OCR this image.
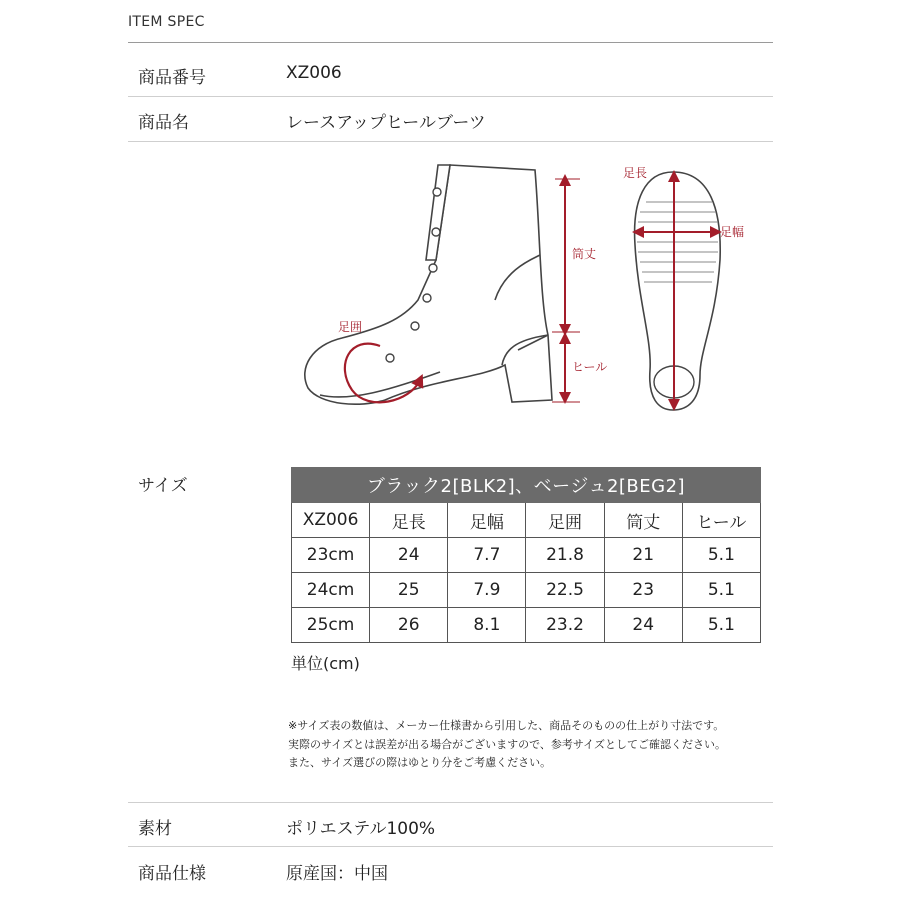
ITEM SPEC
商品番号	XZ006
商品名	レースアップヒールブーツ
筒丈
ヒール
足囲
足長
足幅
サイズ	ブラック2[BLK2]、ベージュ2[BEG2]					
XZ006	足長	足幅	足囲	筒丈	ヒール
23cm	24	7.7	21.8	21	5.1
24cm	25	7.9	22.5	23	5.1
25cm	26	8.1	23.2	24	5.1
単位(cm)
※サイズ表の数値は、メーカー仕様書から引用した、商品そのものの仕上がり寸法です。
実際のサイズとは誤差が出る場合がございますので、参考サイズとしてご確認ください。
また、サイズ選びの際はゆとり分をご考慮ください。
素材	ポリエステル100%
商品仕様	原産国：中国
